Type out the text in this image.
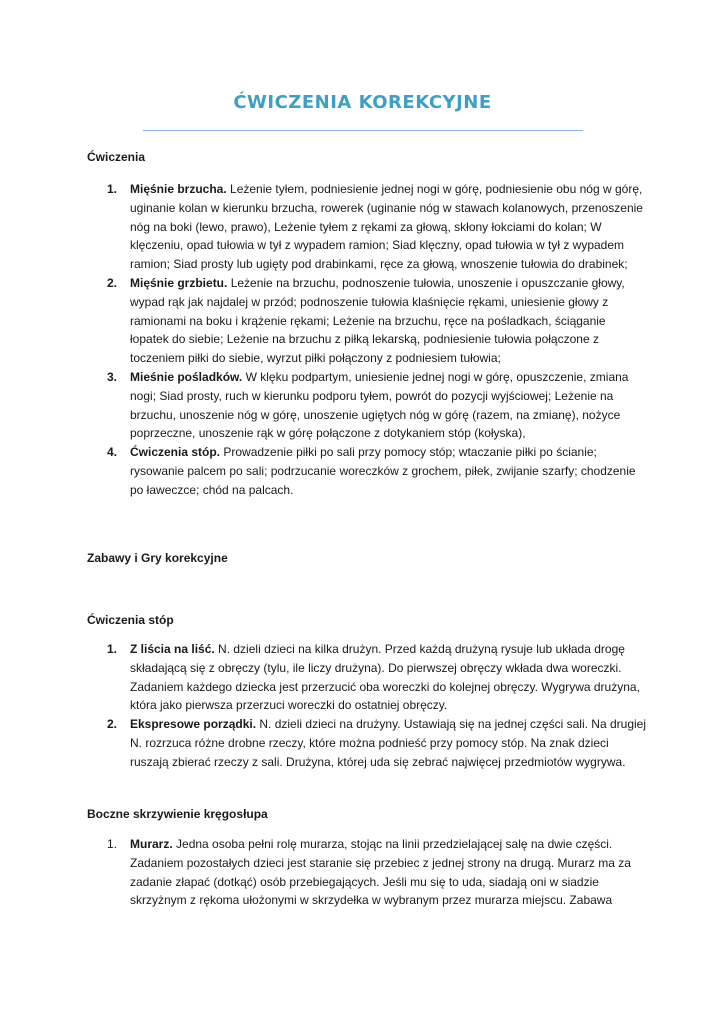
ĆWICZENIA KOREKCYJNE
Ćwiczenia
1. Mięśnie brzucha. Leżenie tyłem, podniesienie jednej nogi w górę, podniesienie obu nóg w górę, uginanie kolan w kierunku brzucha, rowerek (uginanie nóg w stawach kolanowych, przenoszenie nóg na boki (lewo, prawo), Leżenie tyłem z rękami za głową, skłony łokciami do kolan; W klęczeniu, opad tułowia w tył z wypadem ramion; Siad klęczny, opad tułowia w tył z wypadem ramion; Siad prosty lub ugięty pod drabinkami, ręce za głową, wnoszenie tułowia do drabinek;
2. Mięśnie grzbietu. Leżenie na brzuchu, podnoszenie tułowia, unoszenie i opuszczanie głowy, wypad rąk jak najdalej w przód; podnoszenie tułowia klaśnięcie rękami, uniesienie głowy z ramionami na boku i krążenie rękami; Leżenie na brzuchu, ręce na pośladkach, ściąganie łopatek do siebie; Leżenie na brzuchu z piłką lekarską, podniesienie tułowia połączone z toczeniem piłki do siebie, wyrzut piłki połączony z podniesiem tułowia;
3. Mieśnie pośladków. W klęku podpartym, uniesienie jednej nogi w górę, opuszczenie, zmiana nogi; Siad prosty, ruch w kierunku podporu tyłem, powrót do pozycji wyjściowej; Leżenie na brzuchu, unoszenie nóg w górę, unoszenie ugiętych nóg w górę (razem, na zmianę), nożyce poprzeczne, unoszenie rąk w górę połączone z dotykaniem stóp (kołyska),
4. Ćwiczenia stóp. Prowadzenie piłki po sali przy pomocy stóp; wtaczanie piłki po ścianie; rysowanie palcem po sali; podrzucanie woreczków z grochem, piłek, zwijanie szarfy; chodzenie po ławeczce; chód na palcach.
Zabawy i Gry korekcyjne
Ćwiczenia stóp
1. Z liścia na liść. N. dzieli dzieci na kilka drużyn. Przed każdą drużyną rysuje lub układa drogę składającą się z obręczy (tylu, ile liczy drużyna). Do pierwszej obręczy wkłada dwa woreczki. Zadaniem każdego dziecka jest przerzucić oba woreczki do kolejnej obręczy. Wygrywa drużyna, która jako pierwsza przerzuci woreczki do ostatniej obręczy.
2. Ekspresowe porządki. N. dzieli dzieci na drużyny. Ustawiają się na jednej części sali. Na drugiej N. rozrzuca różne drobne rzeczy, które można podnieść przy pomocy stóp. Na znak dzieci ruszają zbierać rzeczy z sali. Drużyna, której uda się zebrać najwięcej przedmiotów wygrywa.
Boczne skrzywienie kręgosłupa
1. Murarz. Jedna osoba pełni rolę murarza, stojąc na linii przedzielającej salę na dwie części. Zadaniem pozostałych dzieci jest staranie się przebiec z jednej strony na drugą. Murarz ma za zadanie złapać (dotkąć) osób przebiegających. Jeśli mu się to uda, siadają oni w siadzie skrzyżnym z rękoma ułożonymi w skrzydełka w wybranym przez murarza miejscu. Zabawa
